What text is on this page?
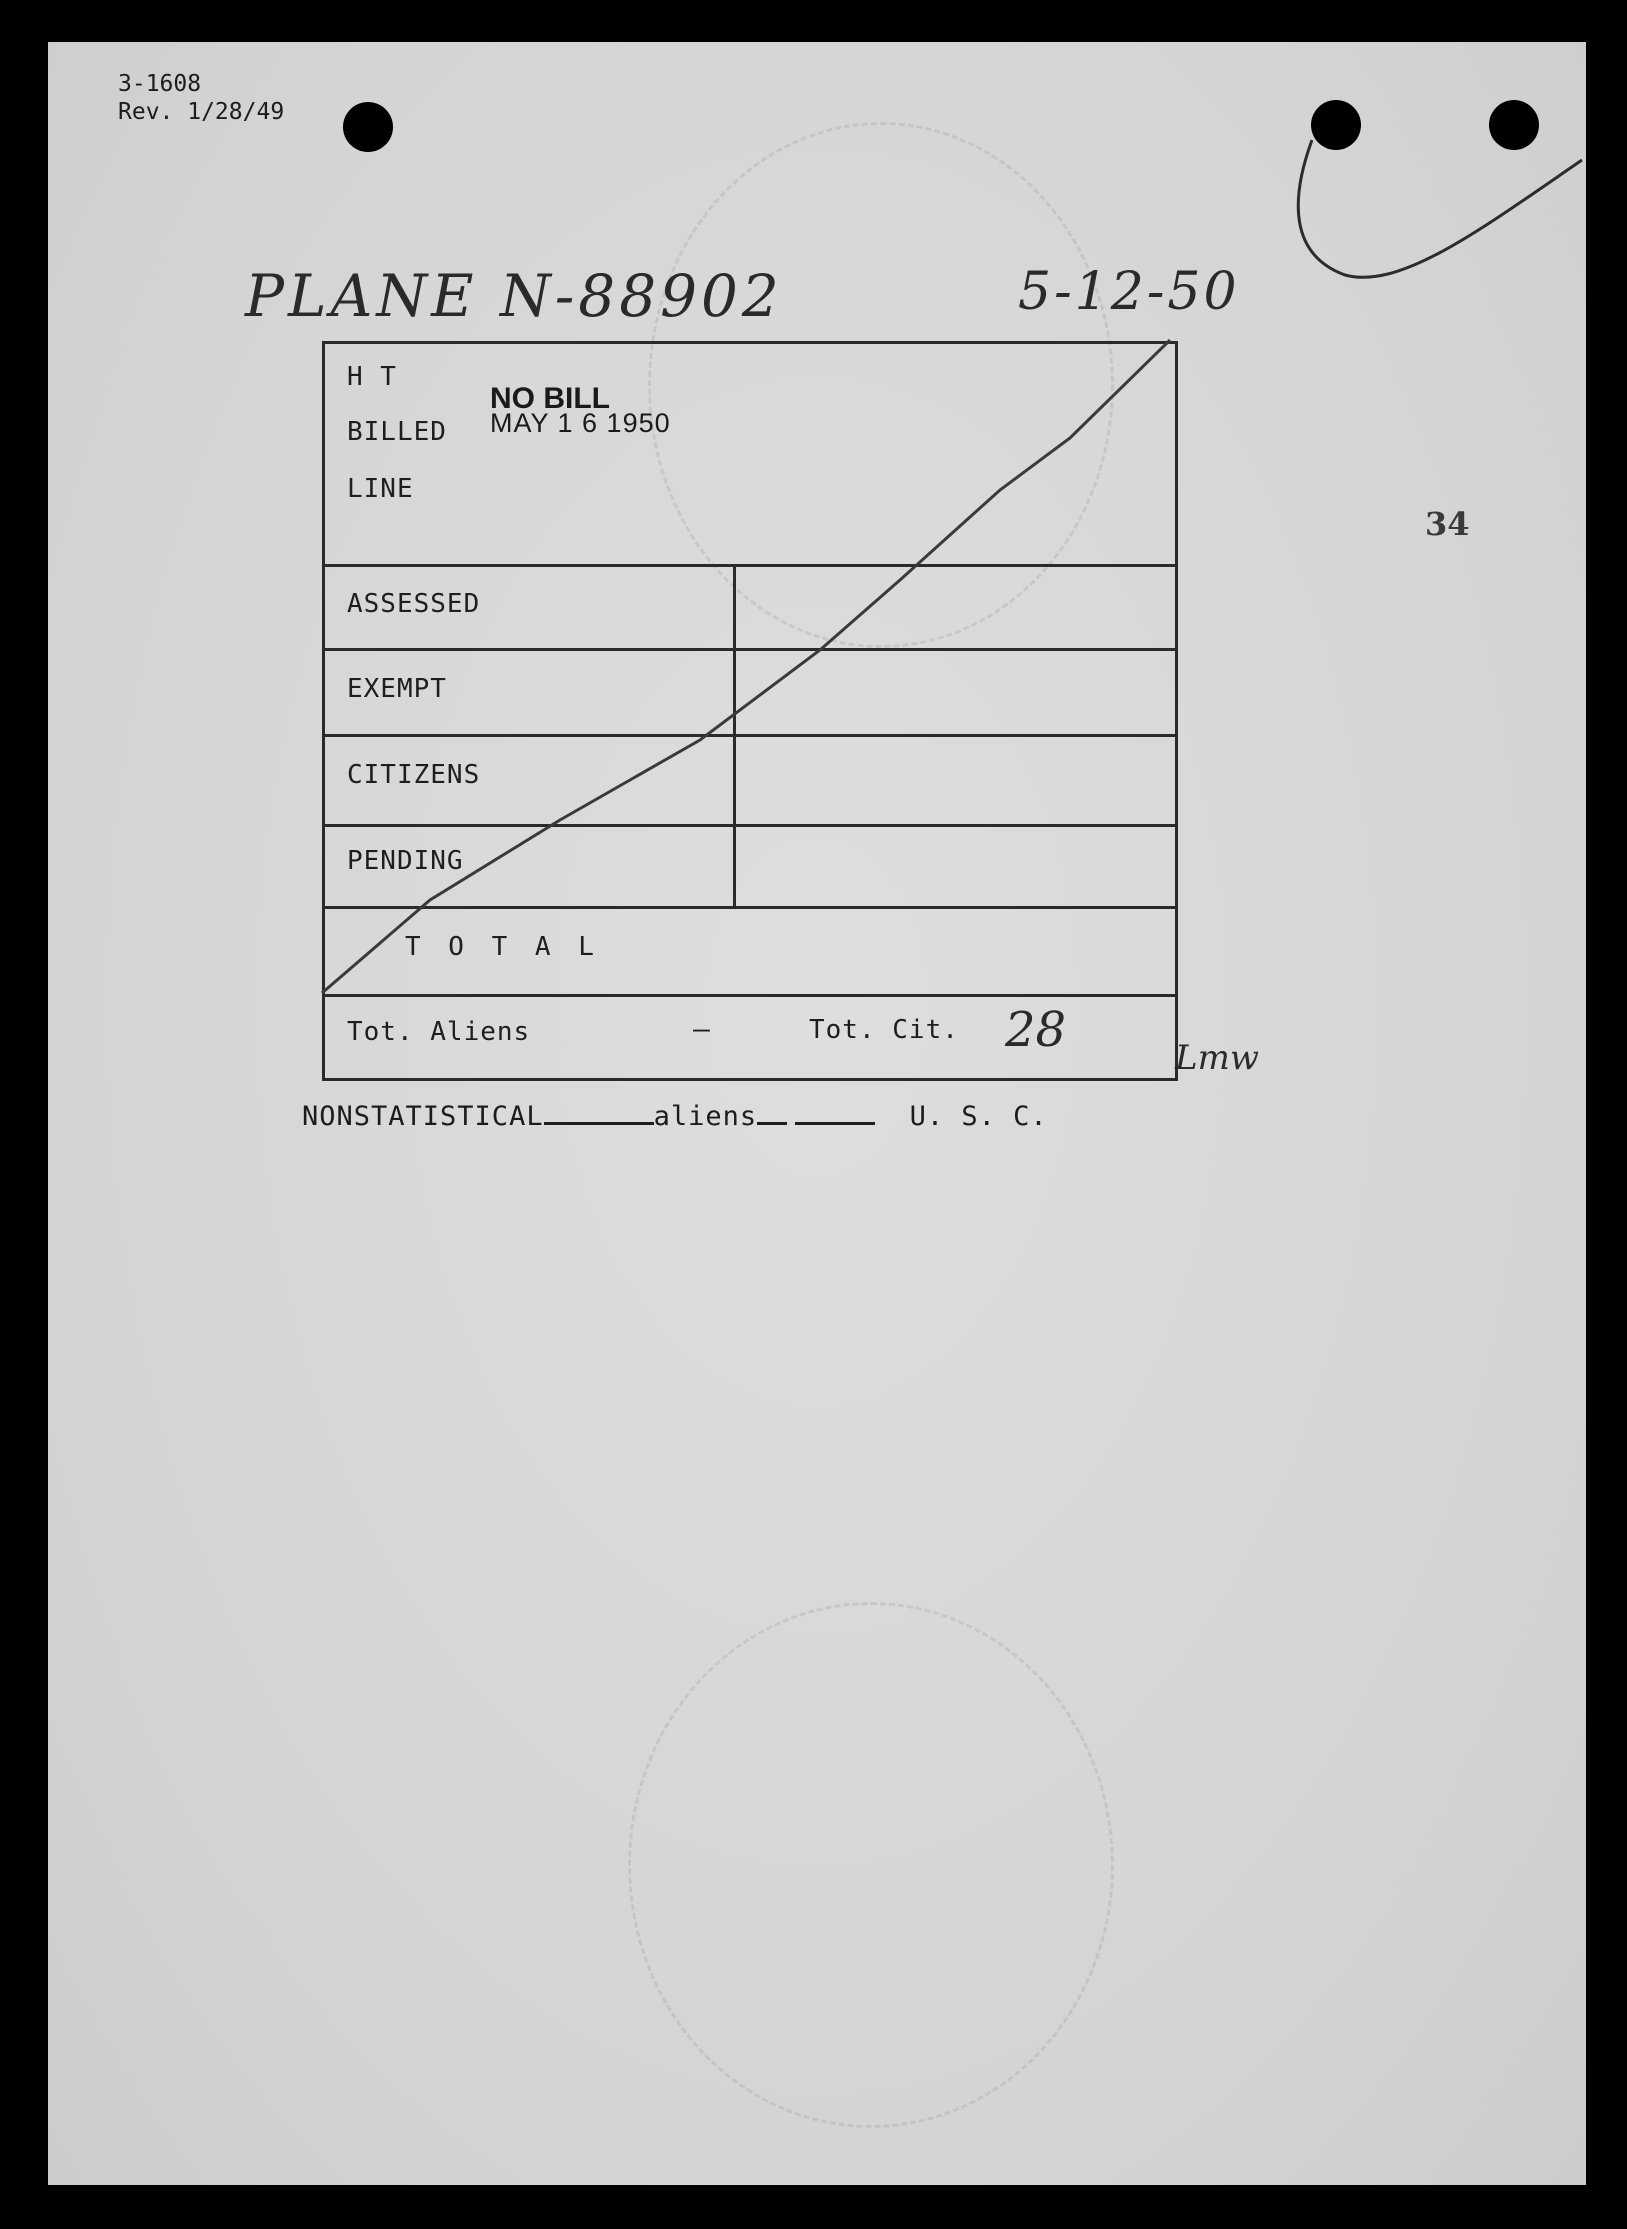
3-1608
Rev. 1/28/49
PLANE N-88902	5-12-50
34
H T
BILLED
LINE
NO BILL
MAY 1 6 1950
ASSESSED
EXEMPT
CITIZENS
PENDING
T O T A L
Tot. Aliens	—	Tot. Cit. 28	Lmw
NONSTATISTICAL	aliens	U. S. C.
